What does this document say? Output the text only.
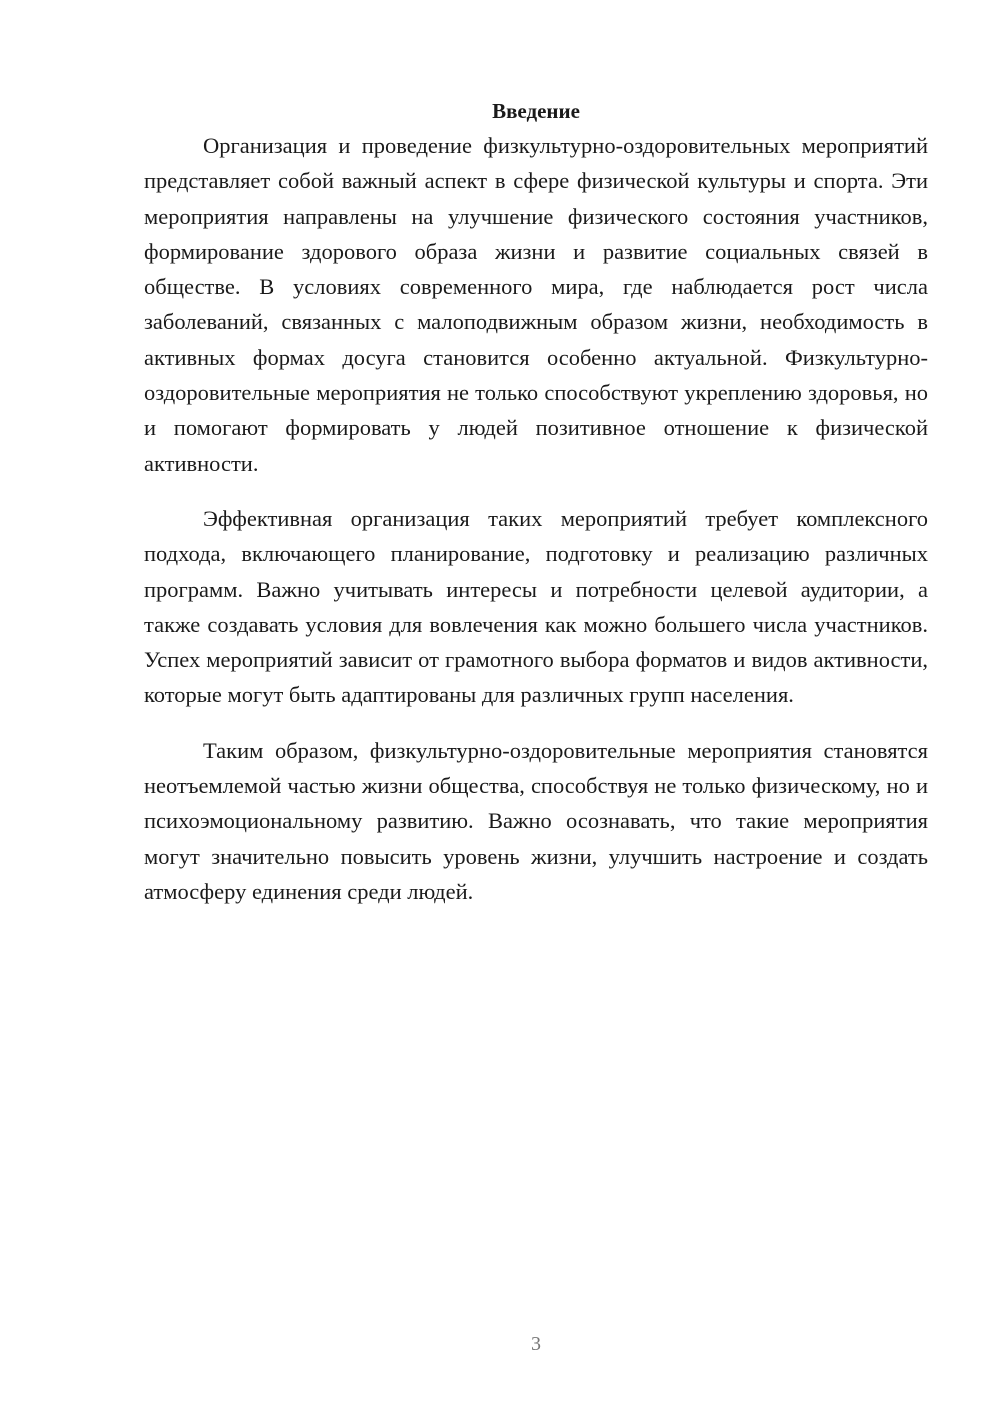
Введение

Организация и проведение физкультурно-оздоровительных мероприятий представляет собой важный аспект в сфере физической культуры и спорта. Эти мероприятия направлены на улучшение физического состояния участников, формирование здорового образа жизни и развитие социальных связей в обществе. В условиях современного мира, где наблюдается рост числа заболеваний, связанных с малоподвижным образом жизни, необходимость в активных формах досуга становится особенно актуальной. Физкультурно-оздоровительные мероприятия не только способствуют укреплению здоровья, но и помогают формировать у людей позитивное отношение к физической активности.

Эффективная организация таких мероприятий требует комплексного подхода, включающего планирование, подготовку и реализацию различных программ. Важно учитывать интересы и потребности целевой аудитории, а также создавать условия для вовлечения как можно большего числа участников. Успех мероприятий зависит от грамотного выбора форматов и видов активности, которые могут быть адаптированы для различных групп населения.

Таким образом, физкультурно-оздоровительные мероприятия становятся неотъемлемой частью жизни общества, способствуя не только физическому, но и психоэмоциональному развитию. Важно осознавать, что такие мероприятия могут значительно повысить уровень жизни, улучшить настроение и создать атмосферу единения среди людей.

3
